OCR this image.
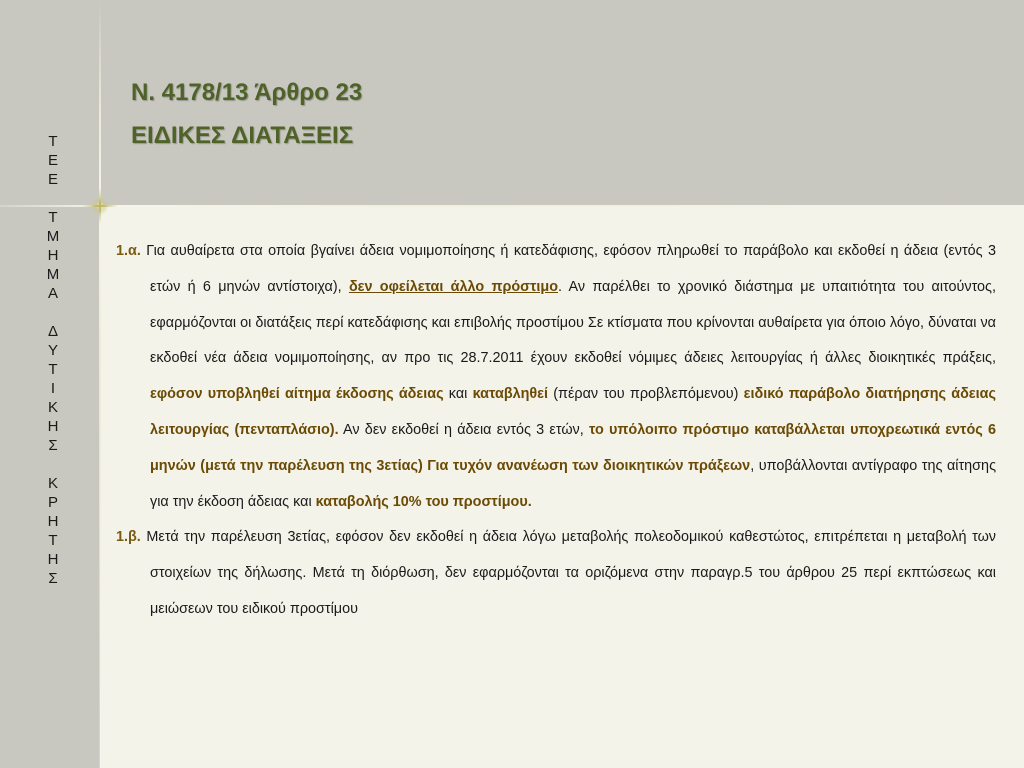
Τ
Ε
Ε
Τ
Μ
Η
Μ
Α
Δ
Υ
Τ
Ι
Κ
Η
Σ
Κ
Ρ
Η
Τ
Η
Σ
Ν. 4178/13 Άρθρο 23
ΕΙΔΙΚΕΣ ΔΙΑΤΑΞΕΙΣ

1.α. Για αυθαίρετα στα οποία βγαίνει άδεια νομιμοποίησης ή κατεδάφισης, εφόσον πληρωθεί το παράβολο και εκδοθεί η άδεια (εντός 3 ετών ή 6 μηνών αντίστοιχα), δεν οφείλεται άλλο πρόστιμο. Αν παρέλθει το χρονικό διάστημα με υπαιτιότητα του αιτούντος, εφαρμόζονται οι διατάξεις περί κατεδάφισης και επιβολής προστίμου Σε κτίσματα που κρίνονται αυθαίρετα για όποιο λόγο, δύναται να εκδοθεί νέα άδεια νομιμοποίησης, αν προ τις 28.7.2011 έχουν εκδοθεί νόμιμες άδειες λειτουργίας ή άλλες διοικητικές πράξεις, εφόσον υποβληθεί αίτημα έκδοσης άδειας και καταβληθεί (πέραν του προβλεπόμενου) ειδικό παράβολο διατήρησης άδειας λειτουργίας (πενταπλάσιο). Αν δεν εκδοθεί η άδεια εντός 3 ετών, το υπόλοιπο πρόστιμο καταβάλλεται υποχρεωτικά εντός 6 μηνών (μετά την παρέλευση της 3ετίας) Για τυχόν ανανέωση των διοικητικών πράξεων, υποβάλλονται αντίγραφο της αίτησης για την έκδοση άδειας και καταβολής 10% του προστίμου.

1.β. Μετά την παρέλευση 3ετίας, εφόσον δεν εκδοθεί η άδεια λόγω μεταβολής πολεοδομικού καθεστώτος, επιτρέπεται η μεταβολή των στοιχείων της δήλωσης. Μετά τη διόρθωση, δεν εφαρμόζονται τα οριζόμενα στην παραγρ.5 του άρθρου 25 περί εκπτώσεως και μειώσεων του ειδικού προστίμου
